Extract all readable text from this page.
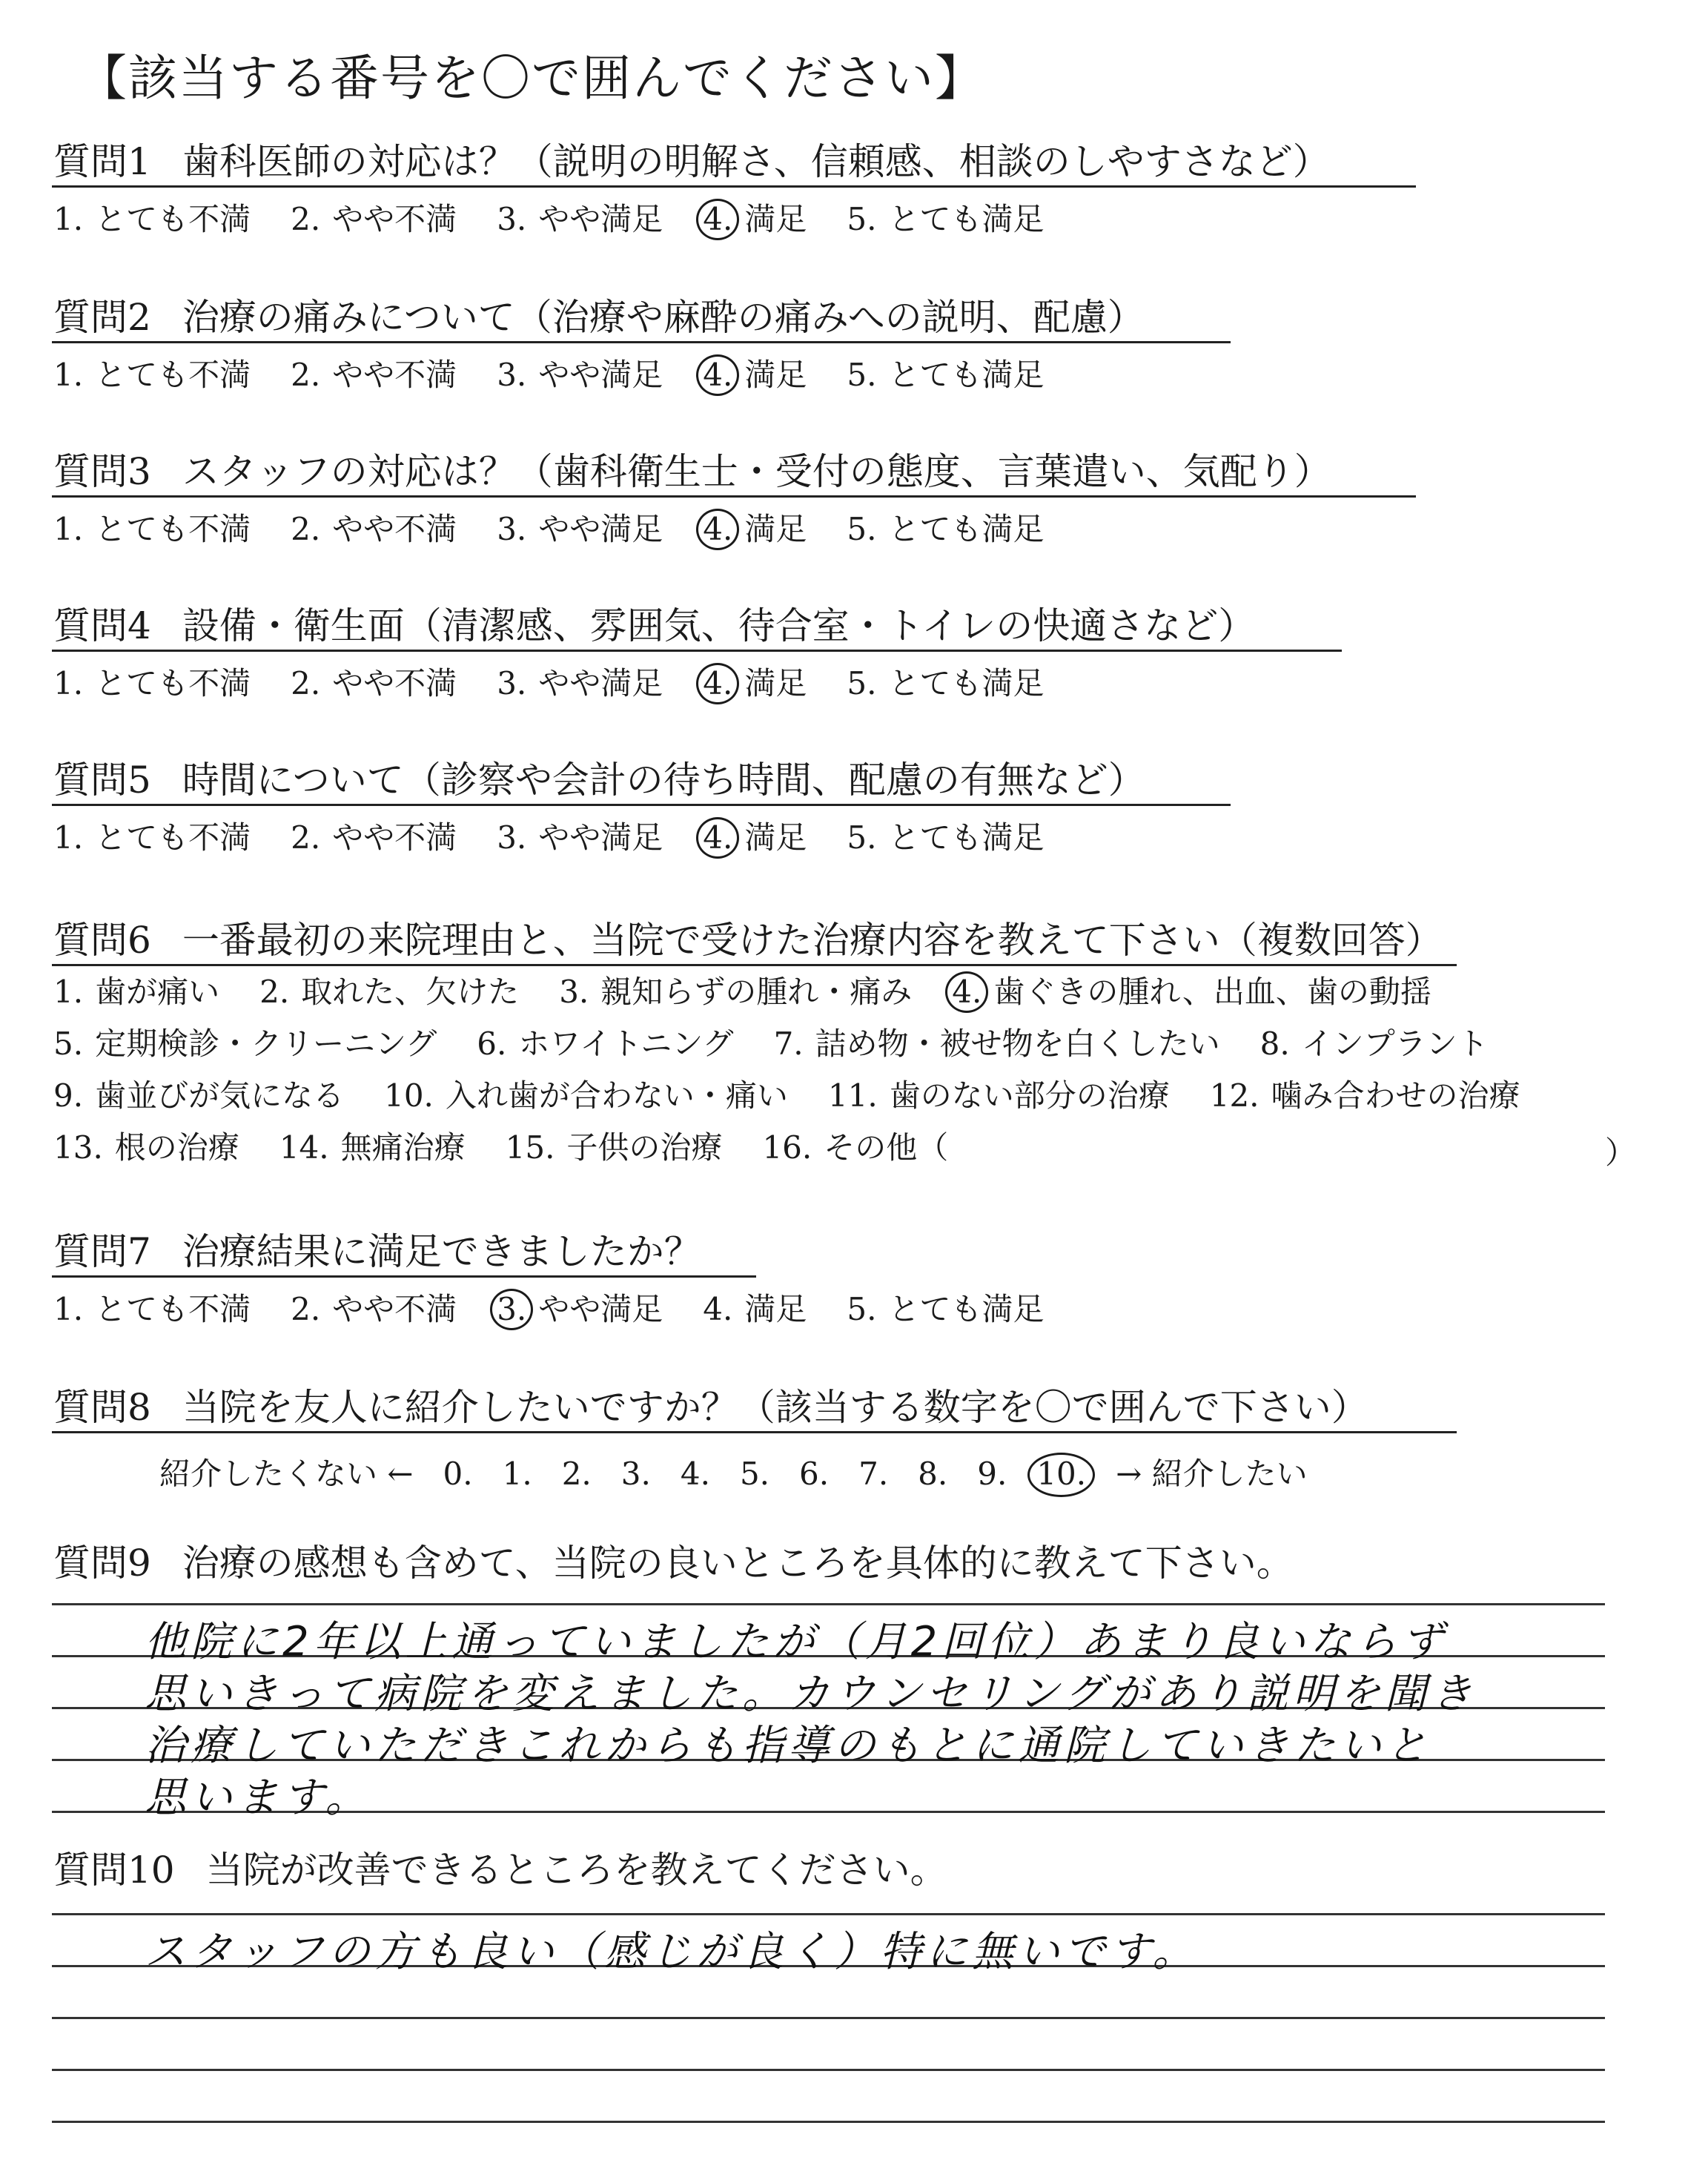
【該当する番号を〇で囲んでください】
質問1 歯科医師の対応は？（説明の明解さ、信頼感、相談のしやすさなど）
1. とても不満 2. やや不満 3. やや満足 4. 満足 5. とても満足
質問2 治療の痛みについて（治療や麻酔の痛みへの説明、配慮）
1. とても不満 2. やや不満 3. やや満足 4. 満足 5. とても満足
質問3 スタッフの対応は？（歯科衛生士・受付の態度、言葉遣い、気配り）
1. とても不満 2. やや不満 3. やや満足 4. 満足 5. とても満足
質問4 設備・衛生面（清潔感、雰囲気、待合室・トイレの快適さなど）
1. とても不満 2. やや不満 3. やや満足 4. 満足 5. とても満足
質問5 時間について（診察や会計の待ち時間、配慮の有無など）
1. とても不満 2. やや不満 3. やや満足 4. 満足 5. とても満足
質問6 一番最初の来院理由と、当院で受けた治療内容を教えて下さい（複数回答）
1. 歯が痛い 2. 取れた、欠けた 3. 親知らずの腫れ・痛み 4. 歯ぐきの腫れ、出血、歯の動揺
5. 定期検診・クリーニング 6. ホワイトニング 7. 詰め物・被せ物を白くしたい 8. インプラント
9. 歯並びが気になる 10. 入れ歯が合わない・痛い 11. 歯のない部分の治療 12. 噛み合わせの治療
13. 根の治療 14. 無痛治療 15. 子供の治療 16. その他（	）
質問7 治療結果に満足できましたか？
1. とても不満 2. やや不満 3. やや満足 4. 満足 5. とても満足
質問8 当院を友人に紹介したいですか？（該当する数字を〇で囲んで下さい）
紹介したくない ← 0. 1. 2. 3. 4. 5. 6. 7. 8. 9. 10. → 紹介したい
質問9 治療の感想も含めて、当院の良いところを具体的に教えて下さい。
他院に2年以上通っていましたが（月2回位）あまり良いならず
思いきって病院を変えました。カウンセリングがあり説明を聞き
治療していただきこれからも指導のもとに通院していきたいと
思います。
質問10 当院が改善できるところを教えてください。
スタッフの方も良い（感じが良く）特に無いです。
